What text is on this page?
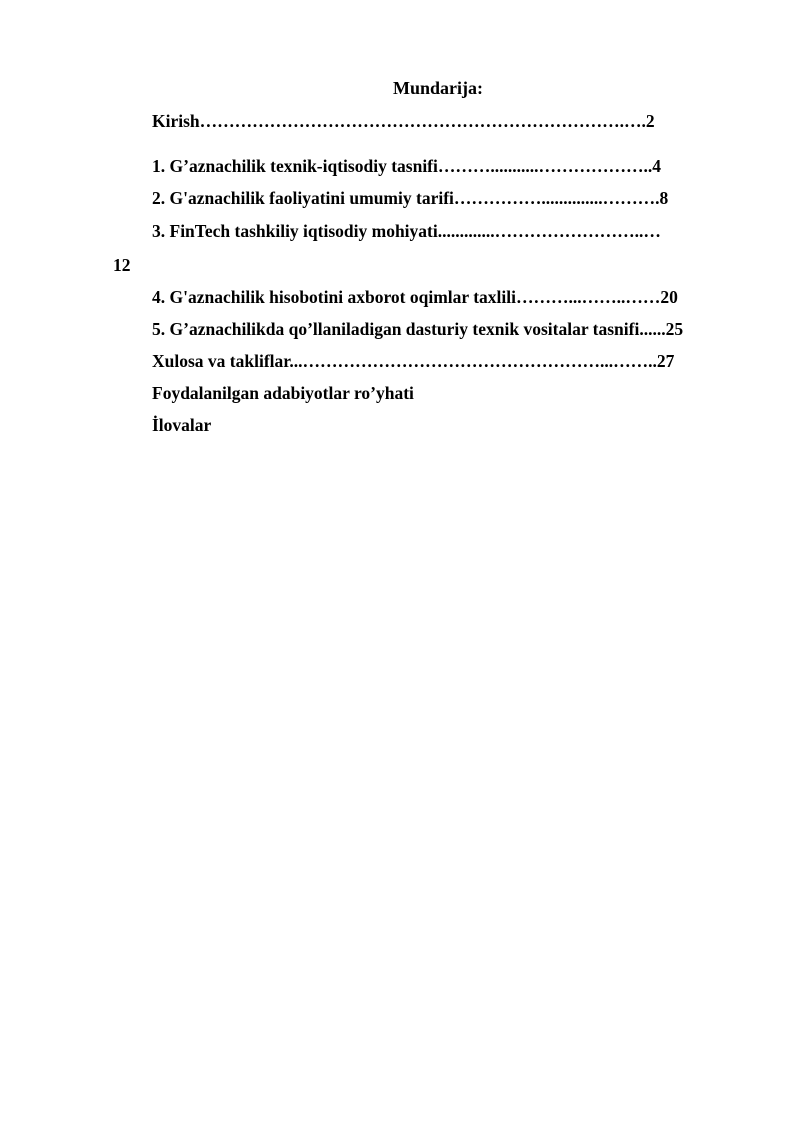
Mundarija:
Kirish……………………………………………………………….….2
1. G’aznachilik texnik-iqtisodiy tasnifi………...........………………..4
2. G'aznachilik faoliyatini umumiy tarifi……………..............……….8
3. FinTech tashkiliy iqtisodiy mohiyati.............……………………..…
12
4. G'aznachilik hisobotini axborot oqimlar taxlili………...……..……20
5. G’aznachilikda qo’llaniladigan dasturiy texnik vositalar tasnifi......25
Xulosa va takliflar...……………………………………………...……..27
Foydalanilgan adabiyotlar ro’yhati
İlovalar
